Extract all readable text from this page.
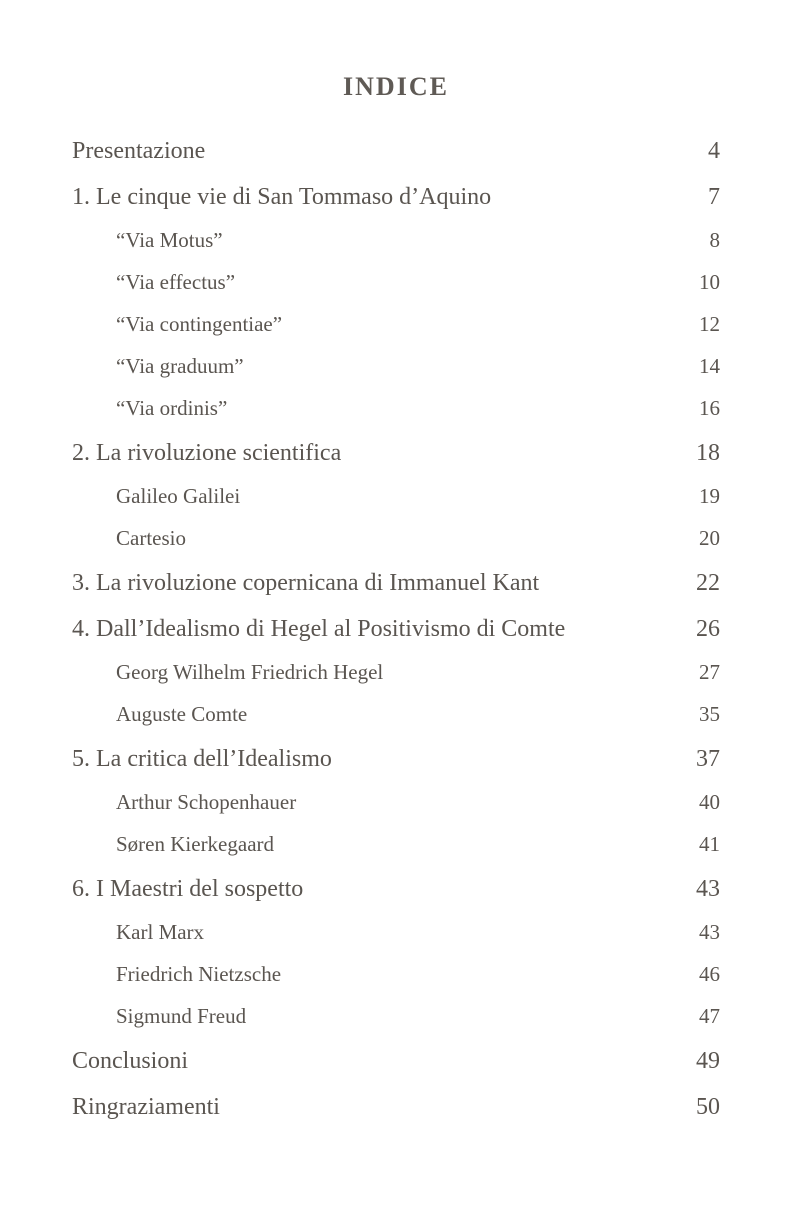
INDICE
Presentazione	4
1. Le cinque vie di San Tommaso d’Aquino	7
“Via Motus”	8
“Via effectus”	10
“Via contingentiae”	12
“Via graduum”	14
“Via ordinis”	16
2. La rivoluzione scientifica	18
Galileo Galilei	19
Cartesio	20
3. La rivoluzione copernicana di Immanuel Kant	22
4. Dall’Idealismo di Hegel al Positivismo di Comte	26
Georg Wilhelm Friedrich Hegel	27
Auguste Comte	35
5. La critica dell’Idealismo	37
Arthur Schopenhauer	40
Søren Kierkegaard	41
6. I Maestri del sospetto	43
Karl Marx	43
Friedrich Nietzsche	46
Sigmund Freud	47
Conclusioni	49
Ringraziamenti	50
